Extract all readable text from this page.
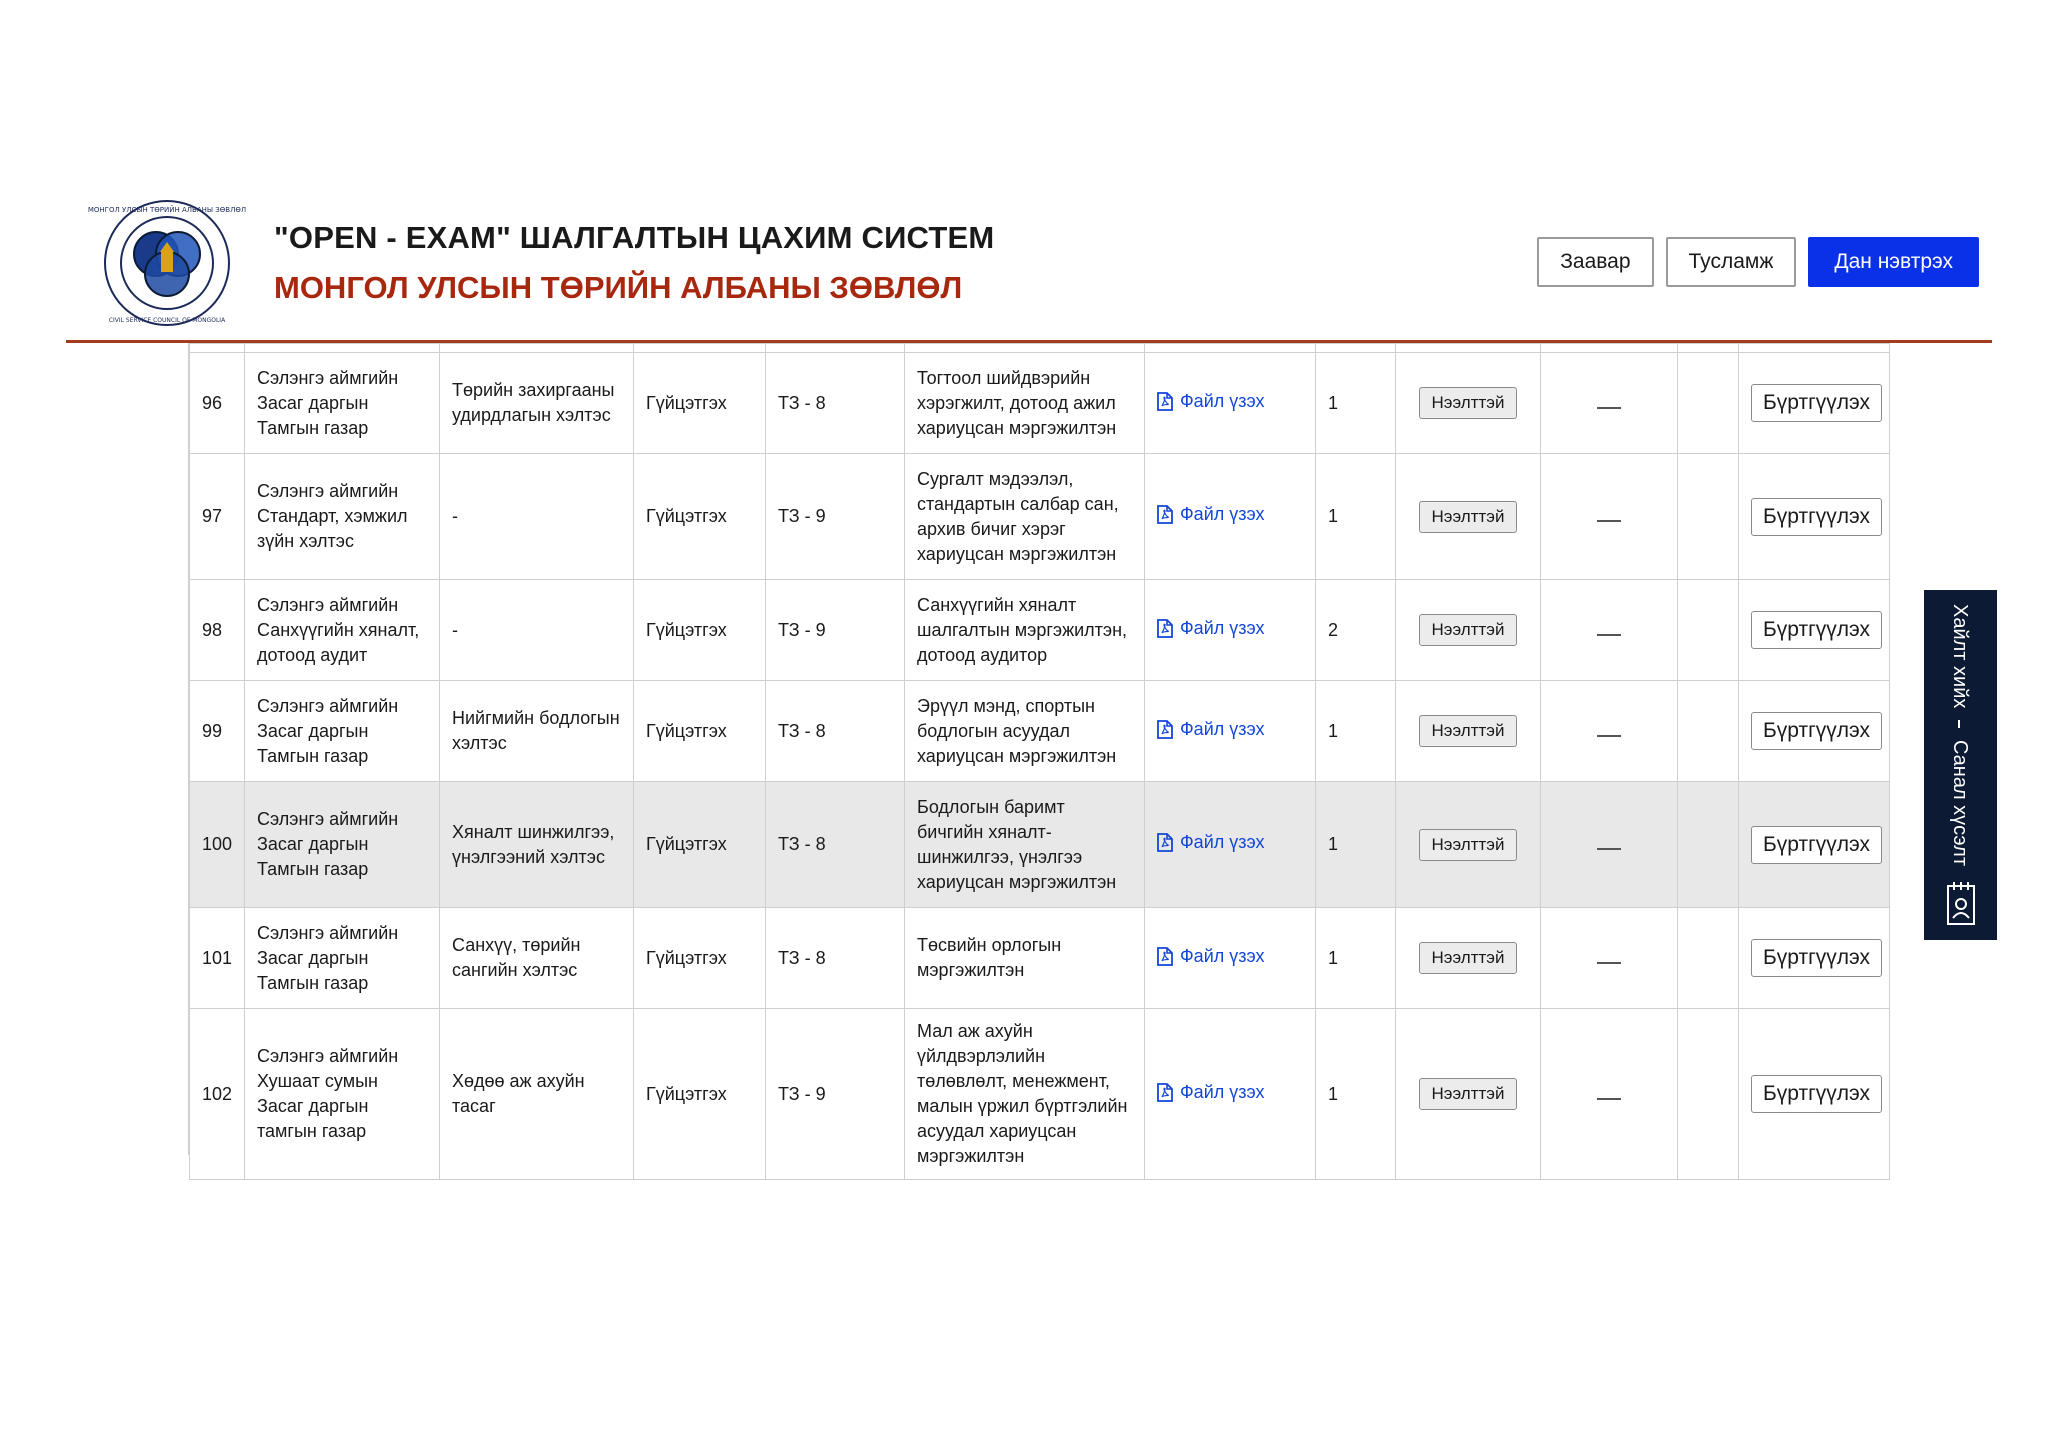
МОНГОЛ УЛСЫН ТӨРИЙН АЛБАНЫ ЗӨВЛӨЛ
CIVIL SERVICE COUNCIL OF MONGOLIA
"OPEN - EXAM" ШАЛГАЛТЫН ЦАХИМ СИСТЕМ
МОНГОЛ УЛСЫН ТӨРИЙН АЛБАНЫ ЗӨВЛӨЛ
Заавар	Тусламж	Дан нэвтрэх

96	Сэлэнгэ аймгийн Засаг даргын Тамгын газар	Төрийн захиргааны удирдлагын хэлтэс	Гүйцэтгэх	ТЗ - 8	Тогтоол шийдвэрийн хэрэгжилт, дотоод ажил хариуцсан мэргэжилтэн	Файл үзэх	1	Нээлттэй			Бүртгүүлэх
97	Сэлэнгэ аймгийн Стандарт, хэмжил зүйн хэлтэс	-	Гүйцэтгэх	ТЗ - 9	Сургалт мэдээлэл, стандартын салбар сан, архив бичиг хэрэг хариуцсан мэргэжилтэн	Файл үзэх	1	Нээлттэй			Бүртгүүлэх
98	Сэлэнгэ аймгийн Санхүүгийн хяналт, дотоод аудит	-	Гүйцэтгэх	ТЗ - 9	Санхүүгийн хяналт шалгалтын мэргэжилтэн, дотоод аудитор	Файл үзэх	2	Нээлттэй			Бүртгүүлэх
99	Сэлэнгэ аймгийн Засаг даргын Тамгын газар	Нийгмийн бодлогын хэлтэс	Гүйцэтгэх	ТЗ - 8	Эрүүл мэнд, спортын бодлогын асуудал хариуцсан мэргэжилтэн	Файл үзэх	1	Нээлттэй			Бүртгүүлэх
100	Сэлэнгэ аймгийн Засаг даргын Тамгын газар	Хяналт шинжилгээ, үнэлгээний хэлтэс	Гүйцэтгэх	ТЗ - 8	Бодлогын баримт бичгийн хяналт-шинжилгээ, үнэлгээ хариуцсан мэргэжилтэн	Файл үзэх	1	Нээлттэй			Бүртгүүлэх
101	Сэлэнгэ аймгийн Засаг даргын Тамгын газар	Санхүү, төрийн сангийн хэлтэс	Гүйцэтгэх	ТЗ - 8	Төсвийн орлогын мэргэжилтэн	Файл үзэх	1	Нээлттэй			Бүртгүүлэх
102	Сэлэнгэ аймгийн Хушаат сумын Засаг даргын тамгын газар	Хөдөө аж ахуйн тасаг	Гүйцэтгэх	ТЗ - 9	Мал аж ахуйн үйлдвэрлэлийн төлөвлөлт, менежмент, малын үржил бүртгэлийн асуудал хариуцсан мэргэжилтэн	Файл үзэх	1	Нээлттэй			Бүртгүүлэх
Хайлт хийх
Санал хүсэлт
